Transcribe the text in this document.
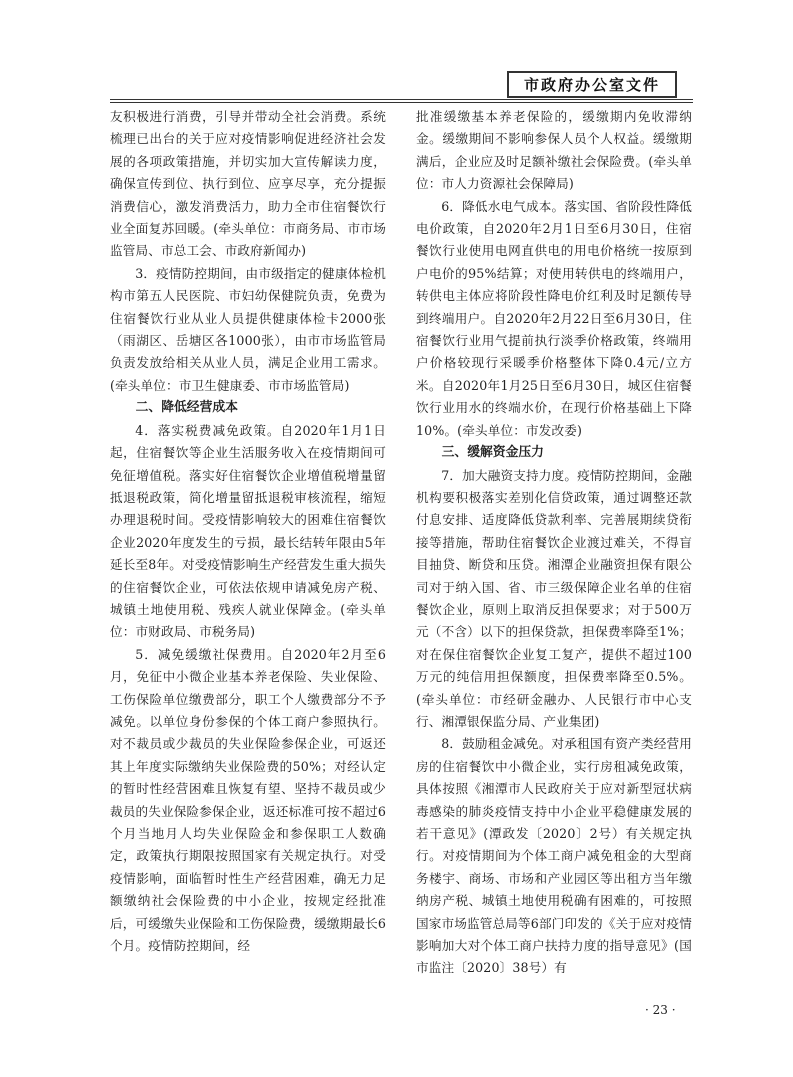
市政府办公室文件

友积极进行消费，引导并带动全社会消费。系统梳理已出台的关于应对疫情影响促进经济社会发展的各项政策措施，并切实加大宣传解读力度，确保宣传到位、执行到位、应享尽享，充分提振消费信心，激发消费活力，助力全市住宿餐饮行业全面复苏回暖。(牵头单位：市商务局、市市场监管局、市总工会、市政府新闻办)

3．疫情防控期间，由市级指定的健康体检机构市第五人民医院、市妇幼保健院负责，免费为住宿餐饮行业从业人员提供健康体检卡2000张（雨湖区、岳塘区各1000张），由市市场监管局负责发放给相关从业人员，满足企业用工需求。(牵头单位：市卫生健康委、市市场监管局)

二、降低经营成本

4．落实税费减免政策。自2020年1月1日起，住宿餐饮等企业生活服务收入在疫情期间可免征增值税。落实好住宿餐饮企业增值税增量留抵退税政策，简化增量留抵退税审核流程，缩短办理退税时间。受疫情影响较大的困难住宿餐饮企业2020年度发生的亏损，最长结转年限由5年延长至8年。对受疫情影响生产经营发生重大损失的住宿餐饮企业，可依法依规申请减免房产税、城镇土地使用税、残疾人就业保障金。(牵头单位：市财政局、市税务局)

5．减免缓缴社保费用。自2020年2月至6月，免征中小微企业基本养老保险、失业保险、工伤保险单位缴费部分，职工个人缴费部分不予减免。以单位身份参保的个体工商户参照执行。对不裁员或少裁员的失业保险参保企业，可返还其上年度实际缴纳失业保险费的50%；对经认定的暂时性经营困难且恢复有望、坚持不裁员或少裁员的失业保险参保企业，返还标准可按不超过6个月当地月人均失业保险金和参保职工人数确定，政策执行期限按照国家有关规定执行。对受疫情影响，面临暂时性生产经营困难，确无力足额缴纳社会保险费的中小企业，按规定经批准后，可缓缴失业保险和工伤保险费，缓缴期最长6个月。疫情防控期间，经

批准缓缴基本养老保险的，缓缴期内免收滞纳金。缓缴期间不影响参保人员个人权益。缓缴期满后，企业应及时足额补缴社会保险费。(牵头单位：市人力资源社会保障局)

6．降低水电气成本。落实国、省阶段性降低电价政策，自2020年2月1日至6月30日，住宿餐饮行业使用电网直供电的用电价格统一按原到户电价的95%结算；对使用转供电的终端用户，转供电主体应将阶段性降电价红利及时足额传导到终端用户。自2020年2月22日至6月30日，住宿餐饮行业用气提前执行淡季价格政策，终端用户价格较现行采暖季价格整体下降0.4元/立方米。自2020年1月25日至6月30日，城区住宿餐饮行业用水的终端水价，在现行价格基础上下降10%。(牵头单位：市发改委)

三、缓解资金压力

7．加大融资支持力度。疫情防控期间，金融机构要积极落实差别化信贷政策，通过调整还款付息安排、适度降低贷款利率、完善展期续贷衔接等措施，帮助住宿餐饮企业渡过难关，不得盲目抽贷、断贷和压贷。湘潭企业融资担保有限公司对于纳入国、省、市三级保障企业名单的住宿餐饮企业，原则上取消反担保要求；对于500万元（不含）以下的担保贷款，担保费率降至1%；对在保住宿餐饮企业复工复产，提供不超过100万元的纯信用担保额度，担保费率降至0.5%。(牵头单位：市经研金融办、人民银行市中心支行、湘潭银保监分局、产业集团)

8．鼓励租金减免。对承租国有资产类经营用房的住宿餐饮中小微企业，实行房租减免政策，具体按照《湘潭市人民政府关于应对新型冠状病毒感染的肺炎疫情支持中小企业平稳健康发展的若干意见》(潭政发〔2020〕2号）有关规定执行。对疫情期间为个体工商户减免租金的大型商务楼宇、商场、市场和产业园区等出租方当年缴纳房产税、城镇土地使用税确有困难的，可按照国家市场监管总局等6部门印发的《关于应对疫情影响加大对个体工商户扶持力度的指导意见》(国市监注〔2020〕38号）有

· 23 ·
